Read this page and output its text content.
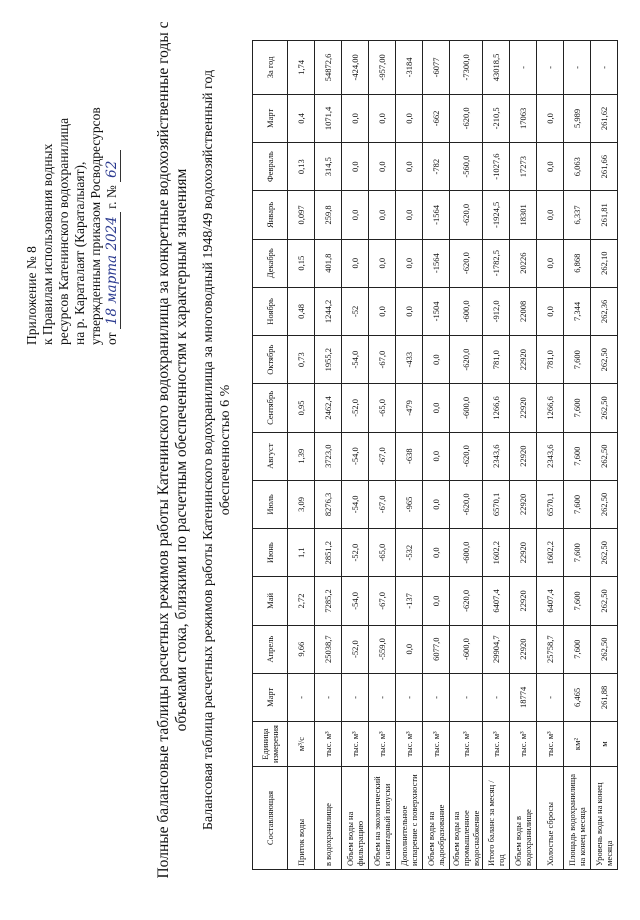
Приложение № 8 к Правилам использования водных ресурсов Катенинского водохранилища на р. Караталаят (Караталыаят), утвержденным приказом Росводресурсов от 18 марта 2024 г. № 62 Полные балансовые таблицы расчетных режимов работы Катенинского водохранилища за конкретные водохозяйственные годы с объемами стока, близкими по расчетным обеспеченностям к характерным значениям Балансовая таблица расчетных режимов работы Катенинского водохранилища за многоводный 1948/49 водохозяйственный год обеспеченностью 6 %
Составляющая	Единица измерения	Март	Апрель	Май	Июнь	Июль	Август	Сентябрь	Октябрь	Ноябрь	Декабрь	Январь	Февраль	Март	За год
Приток воды	м³/с	-	9,66	2,72	1,1	3,09	1,39	0,95	0,73	0,48	0,15	0,097	0,13	0,4	1,74
в водохранилище	тыс. м³	-	25038,7	7285,2	2851,2	8276,3	3723,0	2462,4	1955,2	1244,2	401,8	259,8	314,5	1071,4	54872,6
Объем воды на фильтрацию	тыс. м³	-	-52,0	-54,0	-52,0	-54,0	-54,0	-52,0	-54,0	-52	0,0	0,0	0,0	0,0	-424,00
Объем на экологический и санитарный попуски	тыс. м³	-	-559,0	-67,0	-65,0	-67,0	-67,0	-65,0	-67,0	0,0	0,0	0,0	0,0	0,0	-957,00
Дополнительное испарение с поверхности	тыс. м³	-	0,0	-137	-532	-965	-638	-479	-433	0,0	0,0	0,0	0,0	0,0	-3184
Объем воды на льдообразование	тыс. м³	-	6077,0	0,0	0,0	0,0	0,0	0,0	0,0	-1504	-1564	-1564	-782	-662	-6077
Объем воды на промышленное водоснабжение	тыс. м³	-	-600,0	-620,0	-600,0	-620,0	-620,0	-600,0	-620,0	-600,0	-620,0	-620,0	-560,0	-620,0	-7300,0
Итого баланс за месяц / год	тыс. м³	-	29904,7	6407,4	1602,2	6570,1	2343,6	1266,6	781,0	-912,0	-1782,5	-1924,5	-1027,6	-210,5	43018,5
Объем воды в водохранилище	тыс. м³	18774	22920	22920	22920	22920	22920	22920	22920	22008	20226	18301	17273	17063	-
Холостые сбросы	тыс. м³	-	25758,7	6407,4	1602,2	6570,1	2343,6	1266,6	781,0	0,0	0,0	0,0	0,0	0,0	-
Площадь водохранилища на конец месяца	км²	6,465	7,600	7,600	7,600	7,600	7,600	7,600	7,600	7,344	6,868	6,337	6,063	5,989	-
Уровень воды на конец месяца	м	261,88	262,50	262,50	262,50	262,50	262,50	262,50	262,50	262,36	262,10	261,81	261,66	261,62	-
